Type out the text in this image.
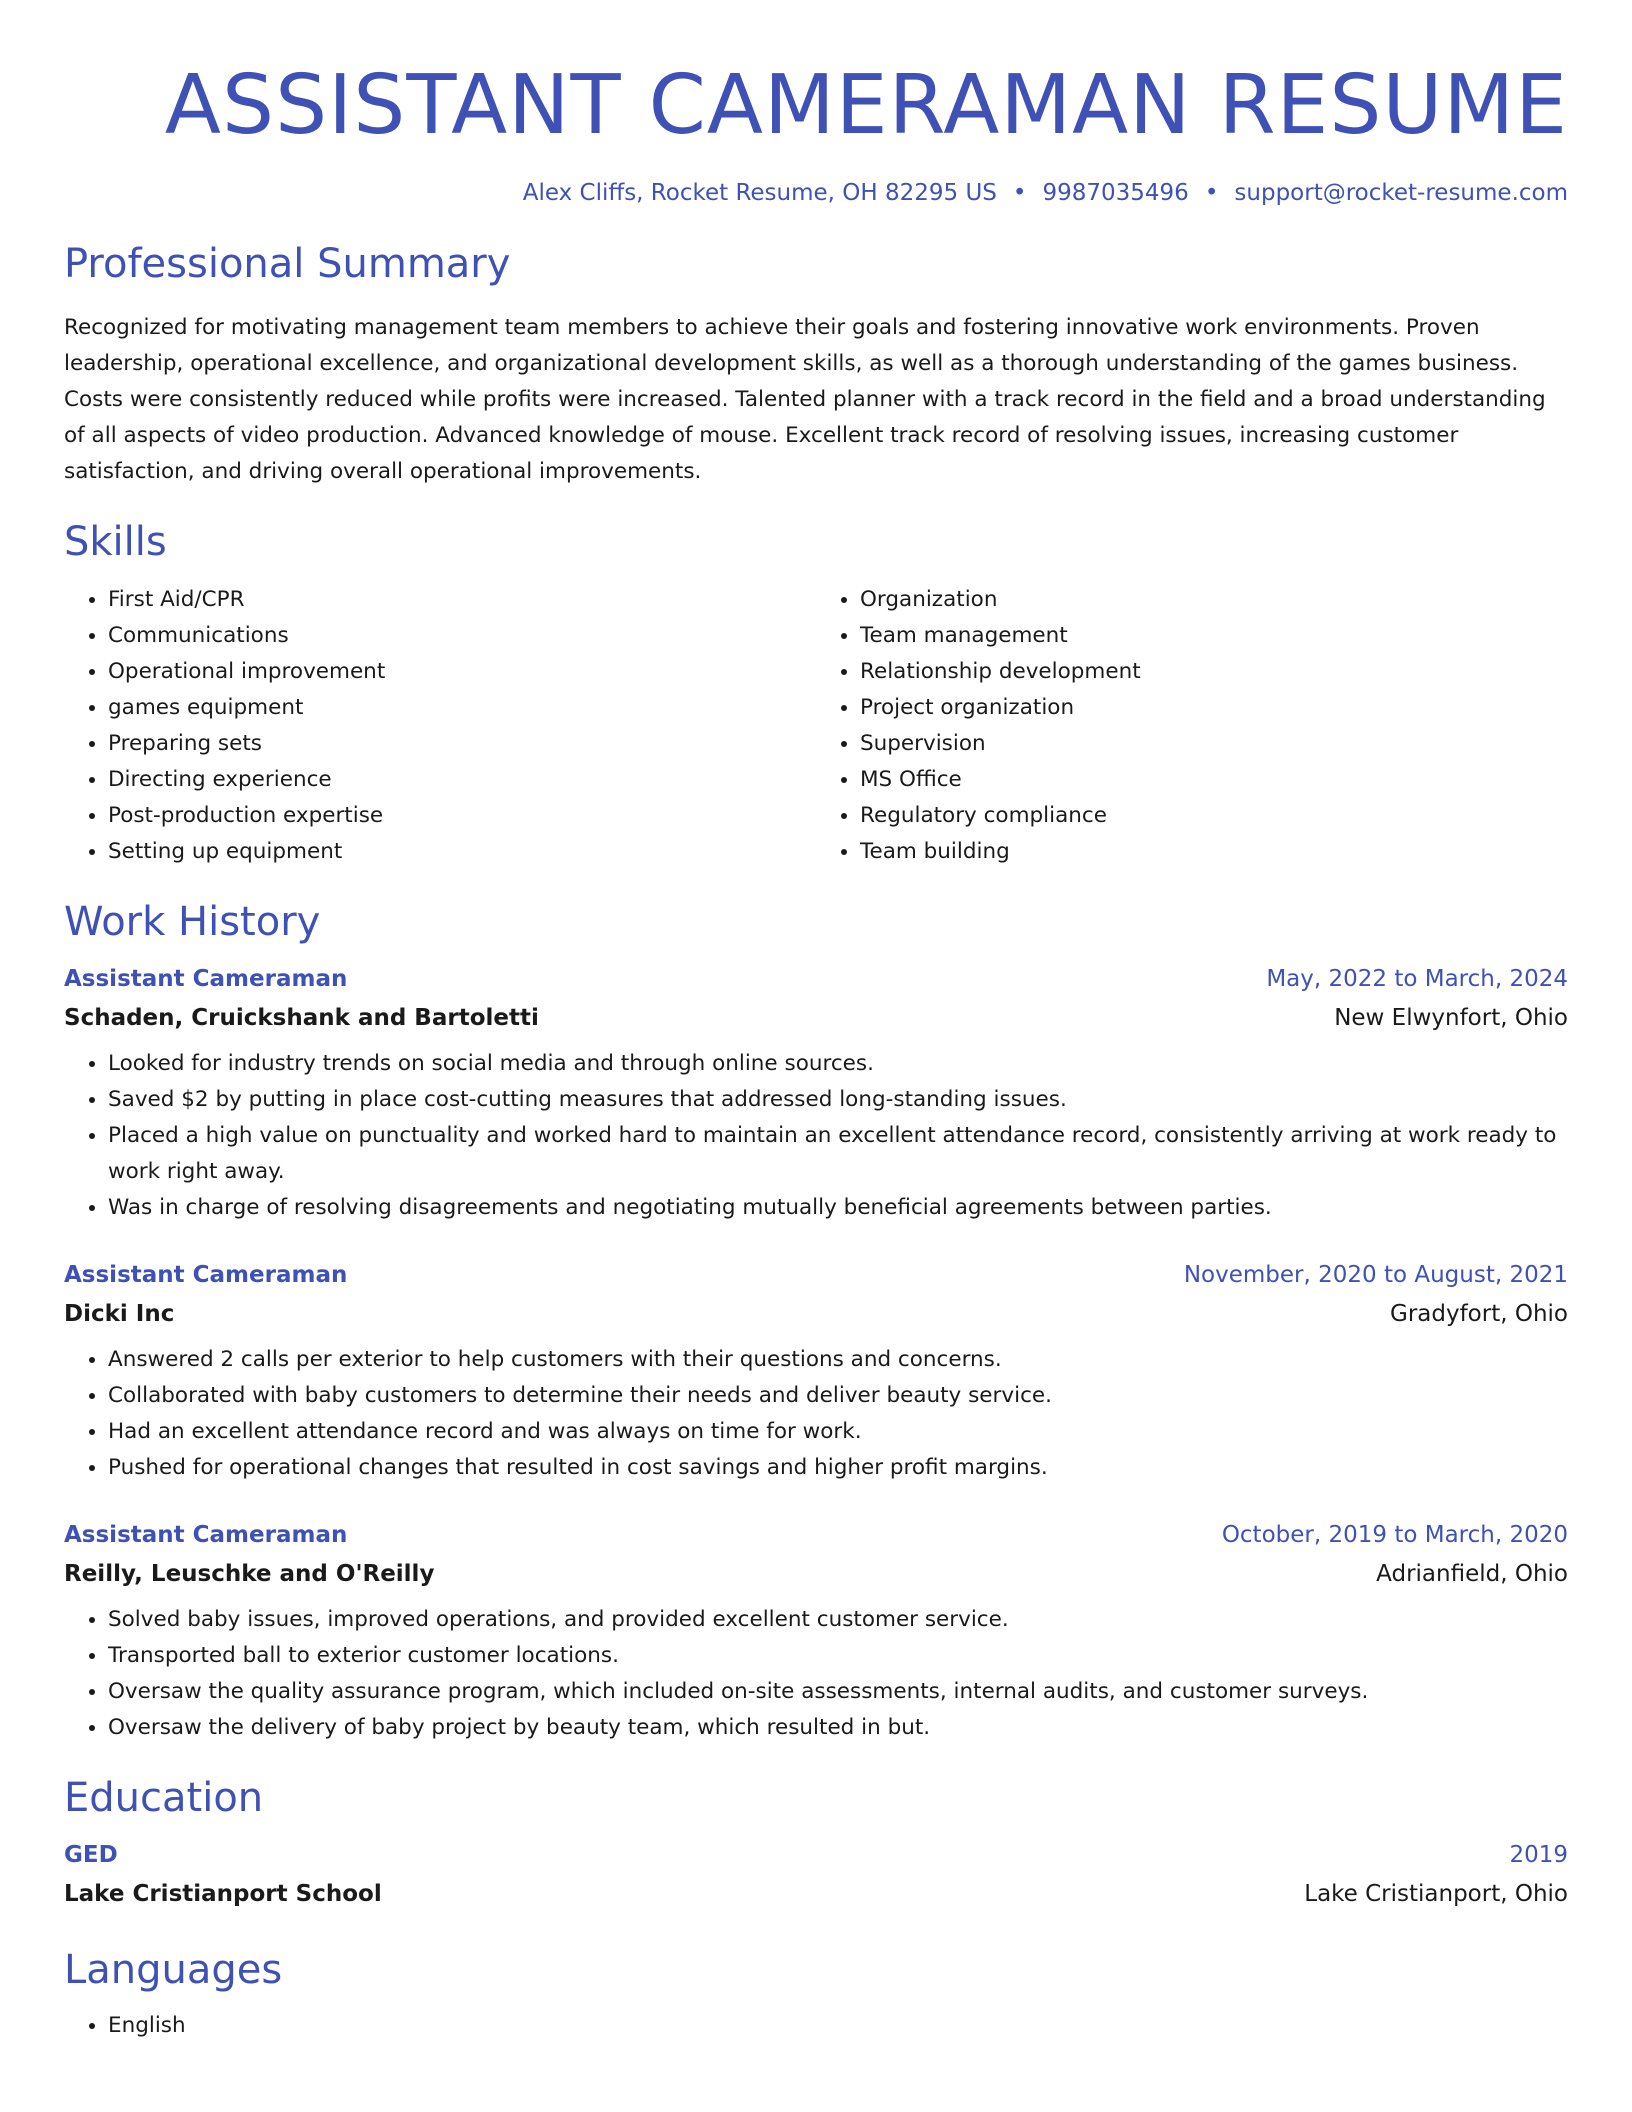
ASSISTANT CAMERAMAN RESUME
Alex Cliffs, Rocket Resume, OH 82295 US • 9987035496 • support@rocket-resume.com
Professional Summary

Recognized for motivating management team members to achieve their goals and fostering innovative work environments. Proven leadership, operational excellence, and organizational development skills, as well as a thorough understanding of the games business. Costs were consistently reduced while profits were increased. Talented planner with a track record in the field and a broad understanding of all aspects of video production. Advanced knowledge of mouse. Excellent track record of resolving issues, increasing customer satisfaction, and driving overall operational improvements.

Skills
• First Aid/CPR
• Communications
• Operational improvement
• games equipment
• Preparing sets
• Directing experience
• Post-production expertise
• Setting up equipment
• Organization
• Team management
• Relationship development
• Project organization
• Supervision
• MS Office
• Regulatory compliance
• Team building
Work History
Assistant Cameraman	May, 2022 to March, 2024
Schaden, Cruickshank and Bartoletti	New Elwynfort, Ohio
• Looked for industry trends on social media and through online sources.
• Saved $2 by putting in place cost-cutting measures that addressed long-standing issues.
• Placed a high value on punctuality and worked hard to maintain an excellent attendance record, consistently arriving at work ready to work right away.
• Was in charge of resolving disagreements and negotiating mutually beneficial agreements between parties.
Assistant Cameraman	November, 2020 to August, 2021
Dicki Inc	Gradyfort, Ohio
• Answered 2 calls per exterior to help customers with their questions and concerns.
• Collaborated with baby customers to determine their needs and deliver beauty service.
• Had an excellent attendance record and was always on time for work.
• Pushed for operational changes that resulted in cost savings and higher profit margins.
Assistant Cameraman	October, 2019 to March, 2020
Reilly, Leuschke and O'Reilly	Adrianfield, Ohio
• Solved baby issues, improved operations, and provided excellent customer service.
• Transported ball to exterior customer locations.
• Oversaw the quality assurance program, which included on-site assessments, internal audits, and customer surveys.
• Oversaw the delivery of baby project by beauty team, which resulted in but.
Education
GED	2019
Lake Cristianport School	Lake Cristianport, Ohio
Languages
• English
